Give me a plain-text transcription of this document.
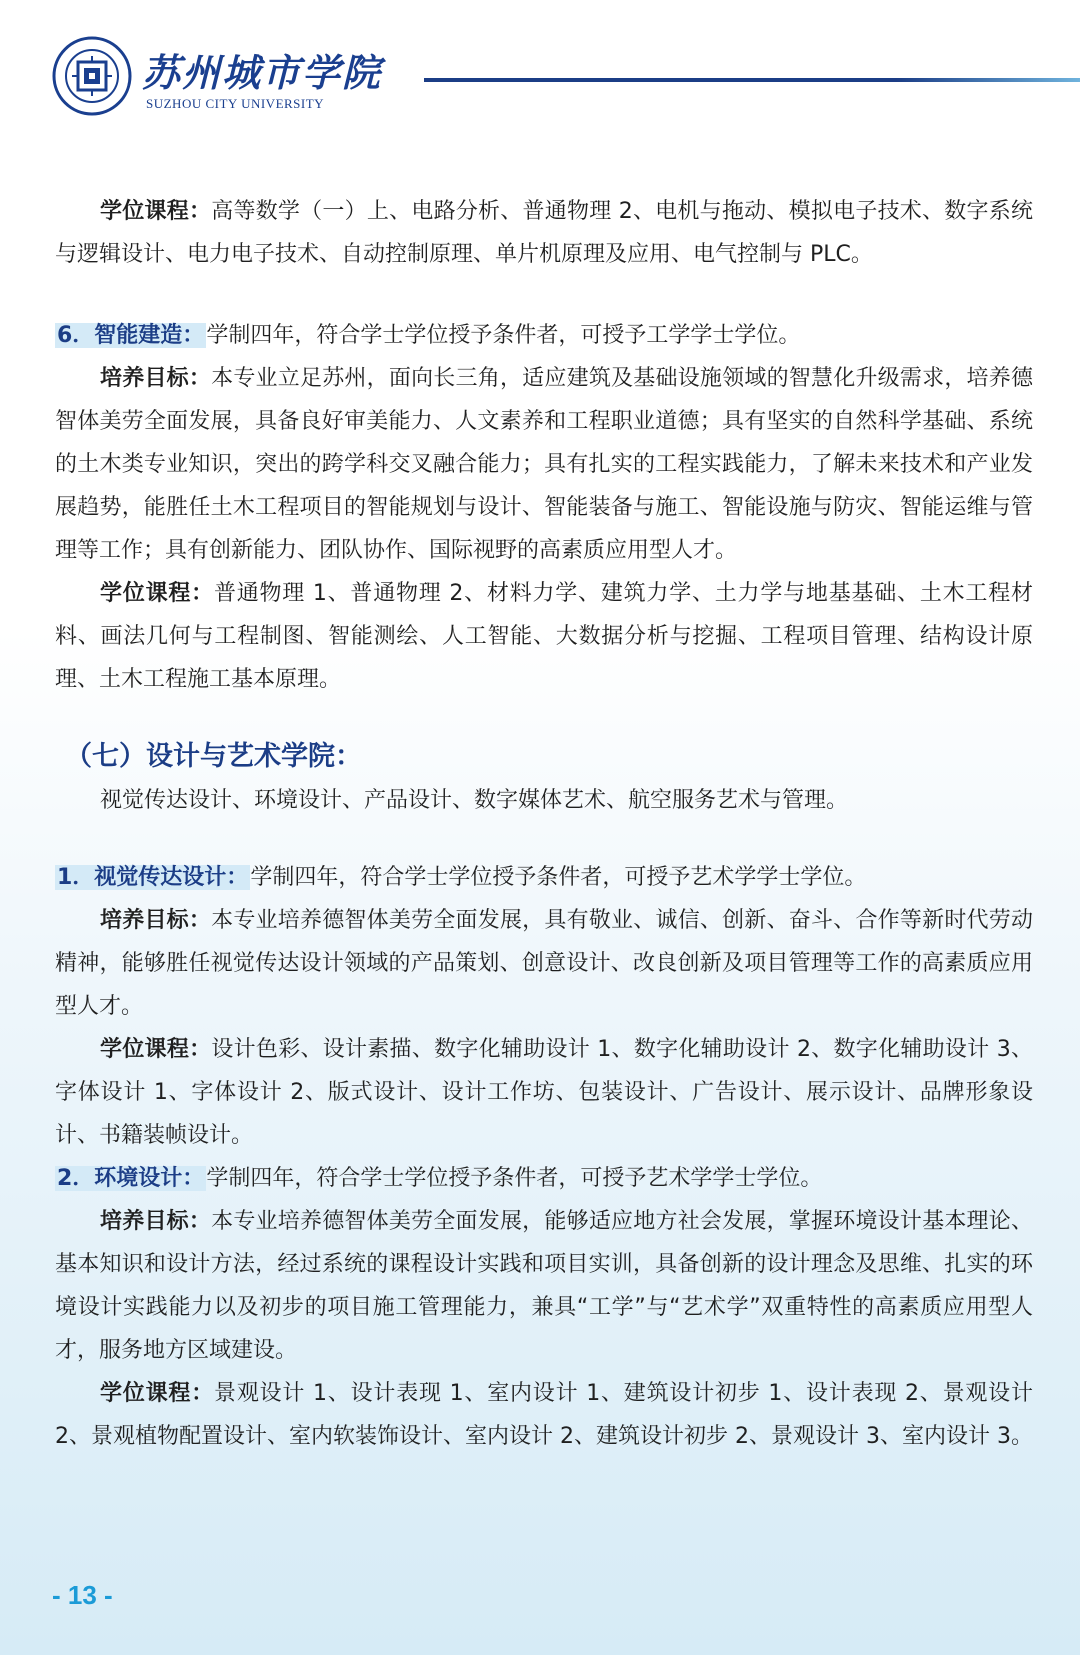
苏州城市学院
SUZHOU CITY UNIVERSITY

学位课程：高等数学（一）上、电路分析、普通物理 2、电机与拖动、模拟电子技术、数字系统与逻辑设计、电力电子技术、自动控制原理、单片机原理及应用、电气控制与 PLC。

6．智能建造：学制四年，符合学士学位授予条件者，可授予工学学士学位。

培养目标：本专业立足苏州，面向长三角，适应建筑及基础设施领域的智慧化升级需求，培养德智体美劳全面发展，具备良好审美能力、人文素养和工程职业道德；具有坚实的自然科学基础、系统的土木类专业知识，突出的跨学科交叉融合能力；具有扎实的工程实践能力，了解未来技术和产业发展趋势，能胜任土木工程项目的智能规划与设计、智能装备与施工、智能设施与防灾、智能运维与管理等工作；具有创新能力、团队协作、国际视野的高素质应用型人才。

学位课程：普通物理 1、普通物理 2、材料力学、建筑力学、土力学与地基基础、土木工程材料、画法几何与工程制图、智能测绘、人工智能、大数据分析与挖掘、工程项目管理、结构设计原理、土木工程施工基本原理。

（七）设计与艺术学院：

视觉传达设计、环境设计、产品设计、数字媒体艺术、航空服务艺术与管理。

1．视觉传达设计：学制四年，符合学士学位授予条件者，可授予艺术学学士学位。

培养目标：本专业培养德智体美劳全面发展，具有敬业、诚信、创新、奋斗、合作等新时代劳动精神，能够胜任视觉传达设计领域的产品策划、创意设计、改良创新及项目管理等工作的高素质应用型人才。

学位课程：设计色彩、设计素描、数字化辅助设计 1、数字化辅助设计 2、数字化辅助设计 3、字体设计 1、字体设计 2、版式设计、设计工作坊、包装设计、广告设计、展示设计、品牌形象设计、书籍装帧设计。

2．环境设计：学制四年，符合学士学位授予条件者，可授予艺术学学士学位。

培养目标：本专业培养德智体美劳全面发展，能够适应地方社会发展，掌握环境设计基本理论、基本知识和设计方法，经过系统的课程设计实践和项目实训，具备创新的设计理念及思维、扎实的环境设计实践能力以及初步的项目施工管理能力，兼具“工学”与“艺术学”双重特性的高素质应用型人才，服务地方区域建设。

学位课程：景观设计 1、设计表现 1、室内设计 1、建筑设计初步 1、设计表现 2、景观设计 2、景观植物配置设计、室内软装饰设计、室内设计 2、建筑设计初步 2、景观设计 3、室内设计 3。

- 13 -
